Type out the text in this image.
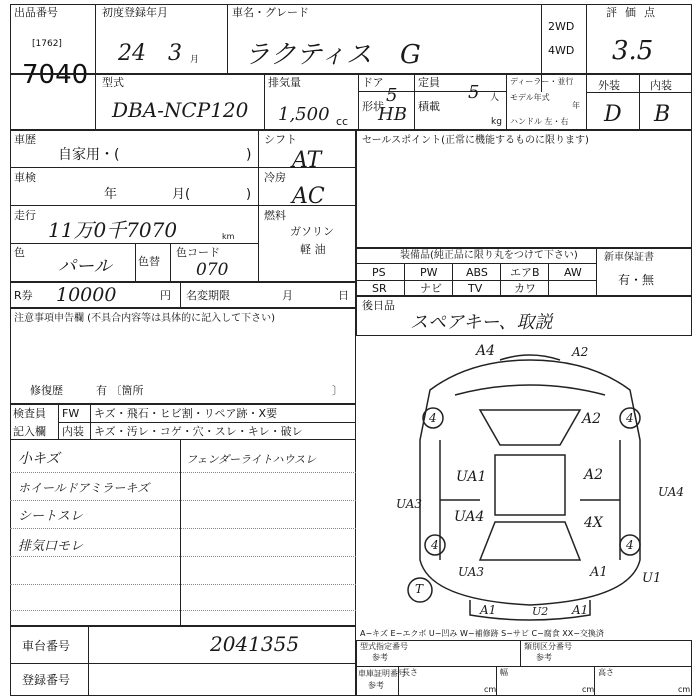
出品番号
[1762]
7040
初度登録年月
24 3 月
車名・グレード
ラクティス G
2WD
4WD
評価点
3.5
型式
DBA-NCP120
排気量
1,500 cc
ドア
5
形状
HB
定員 5 人
積載
kg
ディーラー・並行
モデル年式
年
ハンドル 左・右
外装	内装
D B
車歴
自家用・(	)
車検
年	月(	)
走行
11万0千7070	km
色
パール 色替
色コード
070
シフト
AT
冷房
AC
燃料
ガソリン
軽 油
R券 10000	円 名変期限	月	日
注意事項申告欄 (不具合内容等は具体的に記入して下さい)
修復歴	有 〔箇所	〕
検査員
記入欄
FW キズ・飛石・ヒビ割・リペア跡・X要
内装 キズ・汚レ・コゲ・穴・スレ・キレ・破レ
小キズ
ホイールドアミラーキズ
シートスレ
排気口モレ
フェンダーライトハウスレ
セールスポイント(正常に機能するものに限ります)
装備品(純正品に限り丸をつけて下さい)
PS	PW	ABS エアB AW
SR	ナビ TV	カワ
新車保証書
有・無
後日品
スペアキー、取説
A4	A2
A2
4	4
UA1	A2
UA3
UA4	4X
UA4
UA3	A1	U1
A1	U2 A1
4	4
T
車台番号	2041355
登録番号
A−キズ E−エクボ U−凹み W−補修跡 S−サビ C−腐食 XX−交換済
型式指定番号
参考
類別区分番号
参考
車庫証明番号
参考
長さ	幅	高さ
cm	cm	cm
